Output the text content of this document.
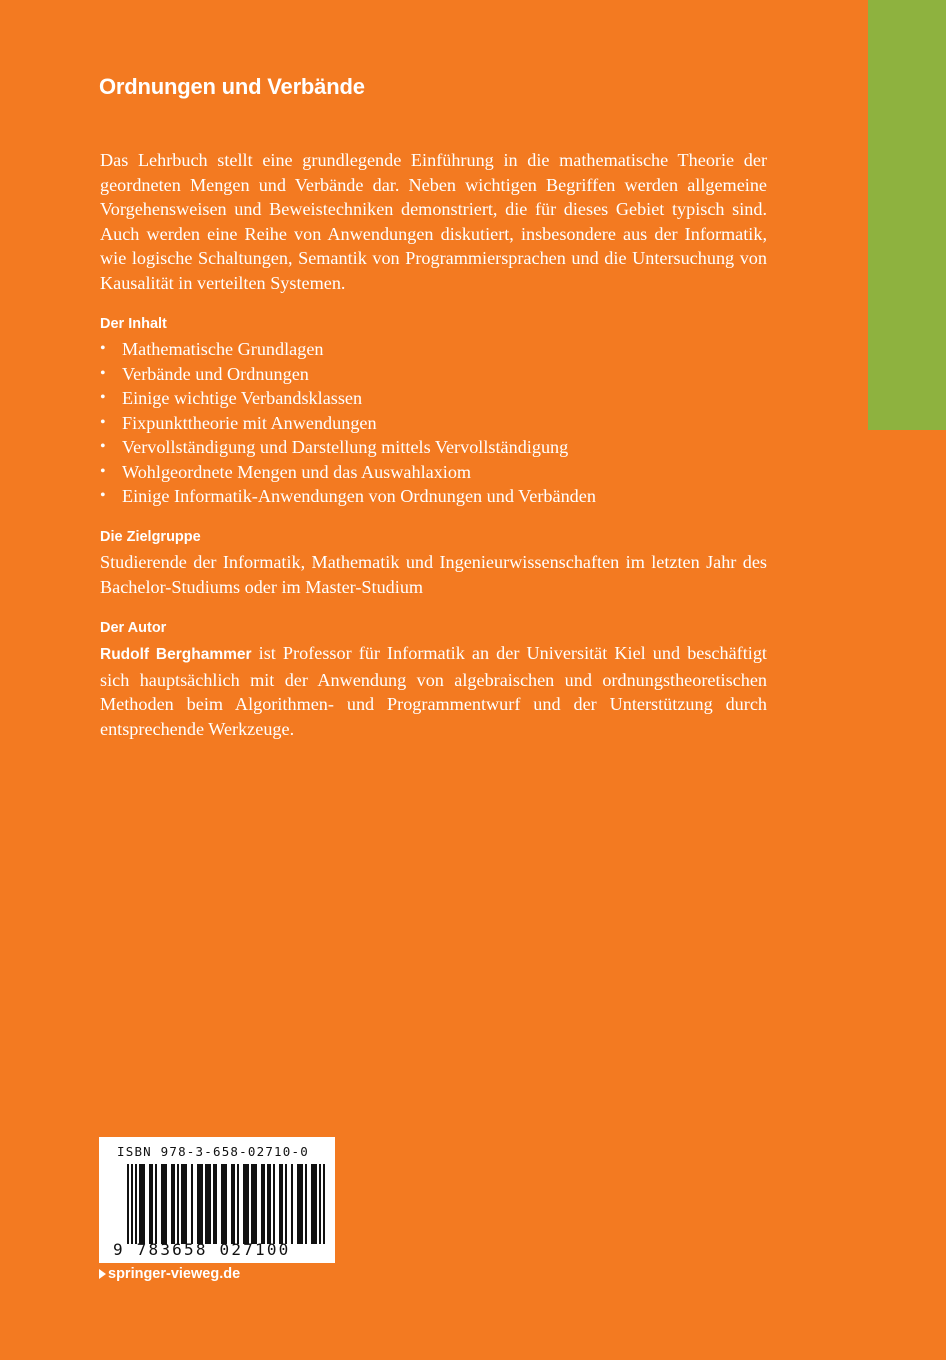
Ordnungen und Verbände

Das Lehrbuch stellt eine grundlegende Einführung in die mathematische Theorie der geordneten Mengen und Verbände dar. Neben wichtigen Begriffen werden allgemeine Vorgehensweisen und Beweistechniken demonstriert, die für dieses Gebiet typisch sind. Auch werden eine Reihe von Anwendungen diskutiert, insbesondere aus der Informatik, wie logische Schaltungen, Semantik von Programmiersprachen und die Untersuchung von Kausalität in verteilten Systemen.

Der Inhalt
• Mathematische Grundlagen
• Verbände und Ordnungen
• Einige wichtige Verbandsklassen
• Fixpunkttheorie mit Anwendungen
• Vervollständigung und Darstellung mittels Vervollständigung
• Wohlgeordnete Mengen und das Auswahlaxiom
• Einige Informatik-Anwendungen von Ordnungen und Verbänden
Die Zielgruppe

Studierende der Informatik, Mathematik und Ingenieurwissenschaften im letzten Jahr des Bachelor-Studiums oder im Master-Studium

Der Autor

Rudolf Berghammer ist Professor für Informatik an der Universität Kiel und beschäftigt sich hauptsächlich mit der Anwendung von algebraischen und ordnungstheoretischen Methoden beim Algorithmen- und Programmentwurf und der Unterstützung durch entsprechende Werkzeuge.

ISBN 978-3-658-02710-0
9 783658 027100
springer-vieweg.de
